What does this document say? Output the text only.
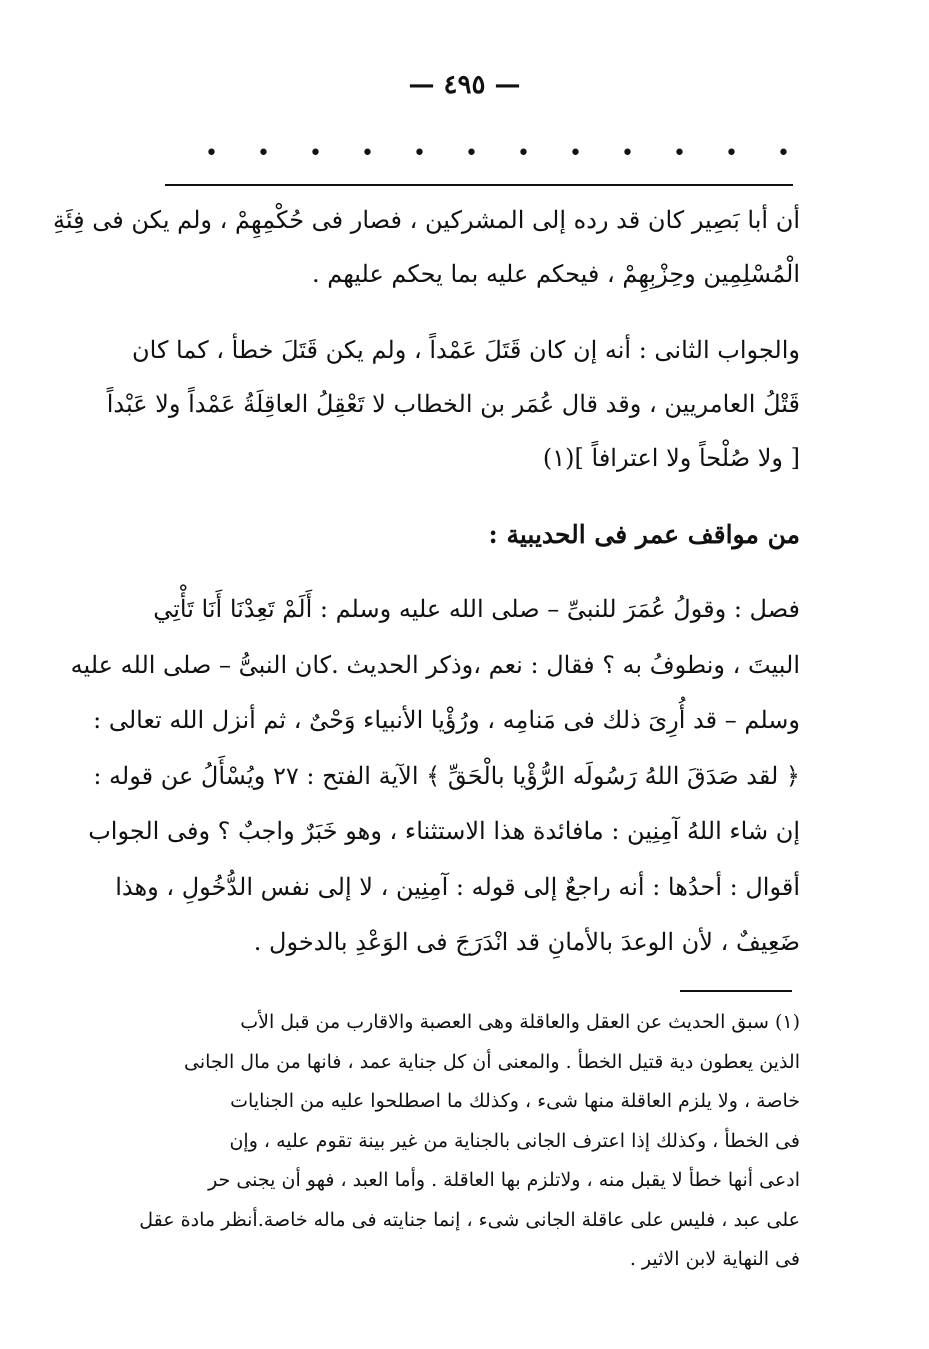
— ٤٩٥ —
• • • • • • • • • • • •
أن أبا بَصِير كان قد رده إلى المشركين ، فصار فى حُكْمِهِمْ ، ولم يكن فى فِئَةِ
الْمُسْلِمِين وحِزْبِهِمْ ، فيحكم عليه بما يحكم عليهم .
والجواب الثانى : أنه إن كان قَتَلَ عَمْداً ، ولم يكن قَتَلَ خطأ ، كما كان
قَتْلُ العامريين ، وقد قال عُمَر بن الخطاب لا تَعْقِلُ العاقِلَةُ عَمْداً ولا عَبْداً
[ ولا صُلْحاً ولا اعترافاً ](١)
من مواقف عمر فى الحديبية :
فصل : وقولُ عُمَرَ للنبىِّ – صلى الله عليه وسلم : أَلَمْ تَعِدْنَا أَنَا تَأْتِي
البيتَ ، ونطوفُ به ؟ فقال : نعم ،وذكر الحديث .كان النبىُّ – صلى الله عليه
وسلم – قد أُرِىَ ذلك فى مَنامِه ، ورُؤْيا الأنبياء وَحْىٌ ، ثم أنزل الله تعالى :
﴿ لقد صَدَقَ اللهُ رَسُولَه الرُّؤْيا بالْحَقِّ ﴾ الآية الفتح : ٢٧ ويُسْأَلُ عن قوله :
إن شاء اللهُ آمِنِين : مافائدة هذا الاستثناء ، وهو خَبَرٌ واجبٌ ؟ وفى الجواب
أقوال : أحدُها : أنه راجعٌ إلى قوله : آمِنِين ، لا إلى نفس الدُّخُولِ ، وهذا
ضَعِيفٌ ، لأن الوعدَ بالأمانِ قد انْدَرَجَ فى الوَعْدِ بالدخول .
(١) سبق الحديث عن العقل والعاقلة وهى العصبة والاقارب من قبل الأب
الذين يعطون دية قتيل الخطأ . والمعنى أن كل جناية عمد ، فانها من مال الجانى
خاصة ، ولا يلزم العاقلة منها شىء ، وكذلك ما اصطلحوا عليه من الجنايات
فى الخطأ ، وكذلك إذا اعترف الجانى بالجناية من غير بينة تقوم عليه ، وإن
ادعى أنها خطأ لا يقبل منه ، ولاتلزم بها العاقلة . وأما العبد ، فهو أن يجنى حر
على عبد ، فليس على عاقلة الجانى شىء ، إنما جنايته فى ماله خاصة.أنظر مادة عقل
فى النهاية لابن الاثير .
